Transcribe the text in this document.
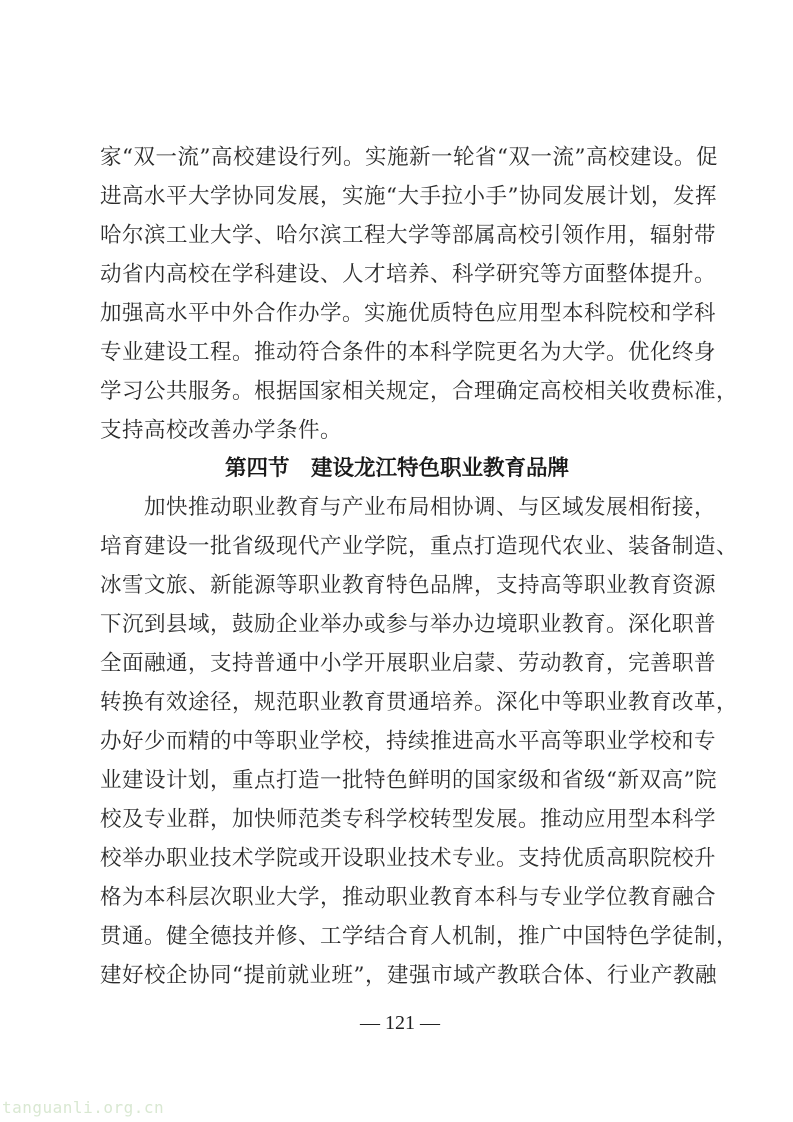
家“双一流”高校建设行列。实施新一轮省“双一流”高校建设。促
进高水平大学协同发展，实施“大手拉小手”协同发展计划，发挥
哈尔滨工业大学、哈尔滨工程大学等部属高校引领作用，辐射带
动省内高校在学科建设、人才培养、科学研究等方面整体提升。
加强高水平中外合作办学。实施优质特色应用型本科院校和学科
专业建设工程。推动符合条件的本科学院更名为大学。优化终身
学习公共服务。根据国家相关规定，合理确定高校相关收费标准，
支持高校改善办学条件。
第四节　建设龙江特色职业教育品牌
　　加快推动职业教育与产业布局相协调、与区域发展相衔接，
培育建设一批省级现代产业学院，重点打造现代农业、装备制造、
冰雪文旅、新能源等职业教育特色品牌，支持高等职业教育资源
下沉到县域，鼓励企业举办或参与举办边境职业教育。深化职普
全面融通，支持普通中小学开展职业启蒙、劳动教育，完善职普
转换有效途径，规范职业教育贯通培养。深化中等职业教育改革，
办好少而精的中等职业学校，持续推进高水平高等职业学校和专
业建设计划，重点打造一批特色鲜明的国家级和省级“新双高”院
校及专业群，加快师范类专科学校转型发展。推动应用型本科学
校举办职业技术学院或开设职业技术专业。支持优质高职院校升
格为本科层次职业大学，推动职业教育本科与专业学位教育融合
贯通。健全德技并修、工学结合育人机制，推广中国特色学徒制，
建好校企协同“提前就业班”，建强市域产教联合体、行业产教融
— 121 —
tanguanli.org.cn
